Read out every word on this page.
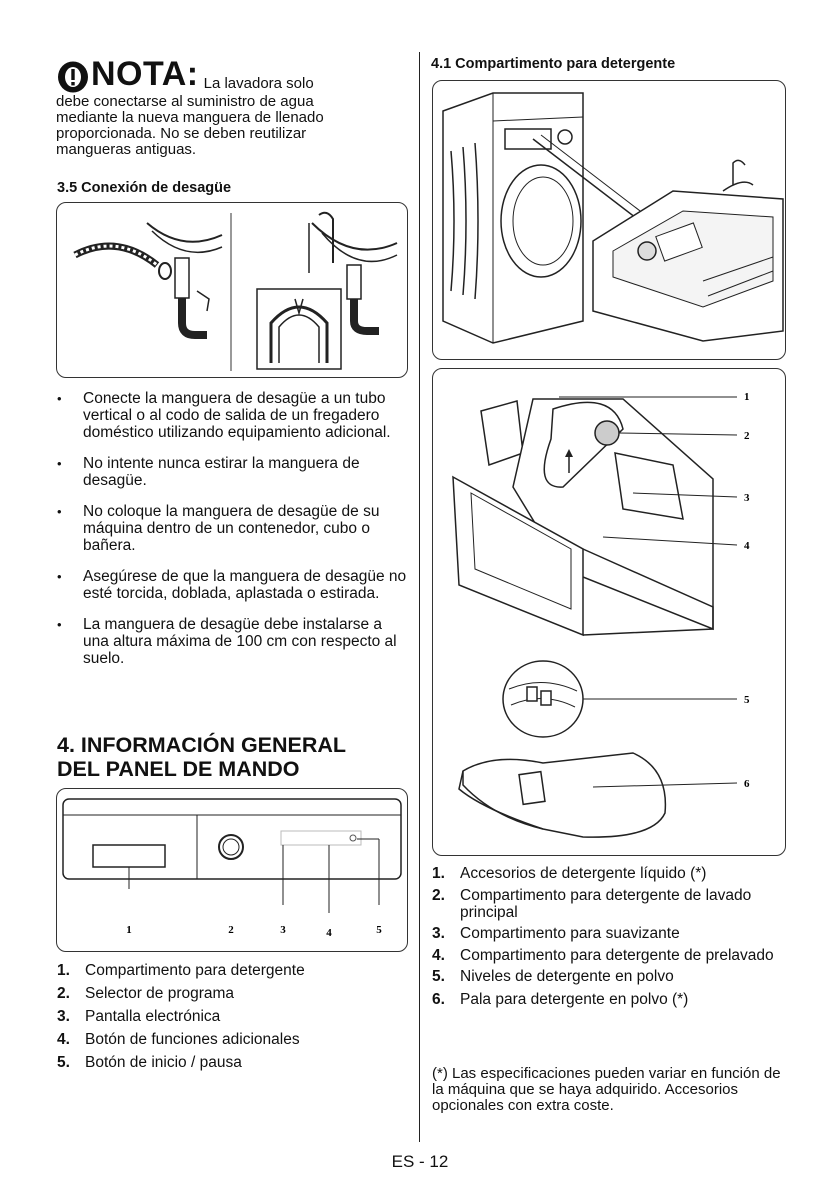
NOTA: La lavadora solo
debe conectarse al suministro de agua
mediante la nueva manguera de llenado
proporcionada. No se deben reutilizar
mangueras antiguas.
3.5 Conexión de desagüe
• Conecte la manguera de desagüe a un tubo vertical o al codo de salida de un fregadero doméstico utilizando equipamiento adicional.
• No intente nunca estirar la manguera de desagüe.
• No coloque la manguera de desagüe de su máquina dentro de un contenedor, cubo o bañera.
• Asegúrese de que la manguera de desagüe no esté torcida, doblada, aplastada o estirada.
• La manguera de desagüe debe instalarse a una altura máxima de 100 cm con respecto al suelo.
4. INFORMACIÓN GENERAL
DEL PANEL DE MANDO
1	2	3	4	5
1. Compartimento para detergente
2. Selector de programa
3. Pantalla electrónica
4. Botón de funciones adicionales
5. Botón de inicio / pausa
4.1 Compartimento para detergente
1
2
3
4
5
6
1. Accesorios de detergente líquido (*)
2. Compartimento para detergente de lavado principal
3. Compartimento para suavizante
4. Compartimento para detergente de prelavado
5. Niveles de detergente en polvo
6. Pala para detergente en polvo (*)
(*) Las especificaciones pueden variar en función de la máquina que se haya adquirido. Accesorios opcionales con extra coste.
ES - 12
